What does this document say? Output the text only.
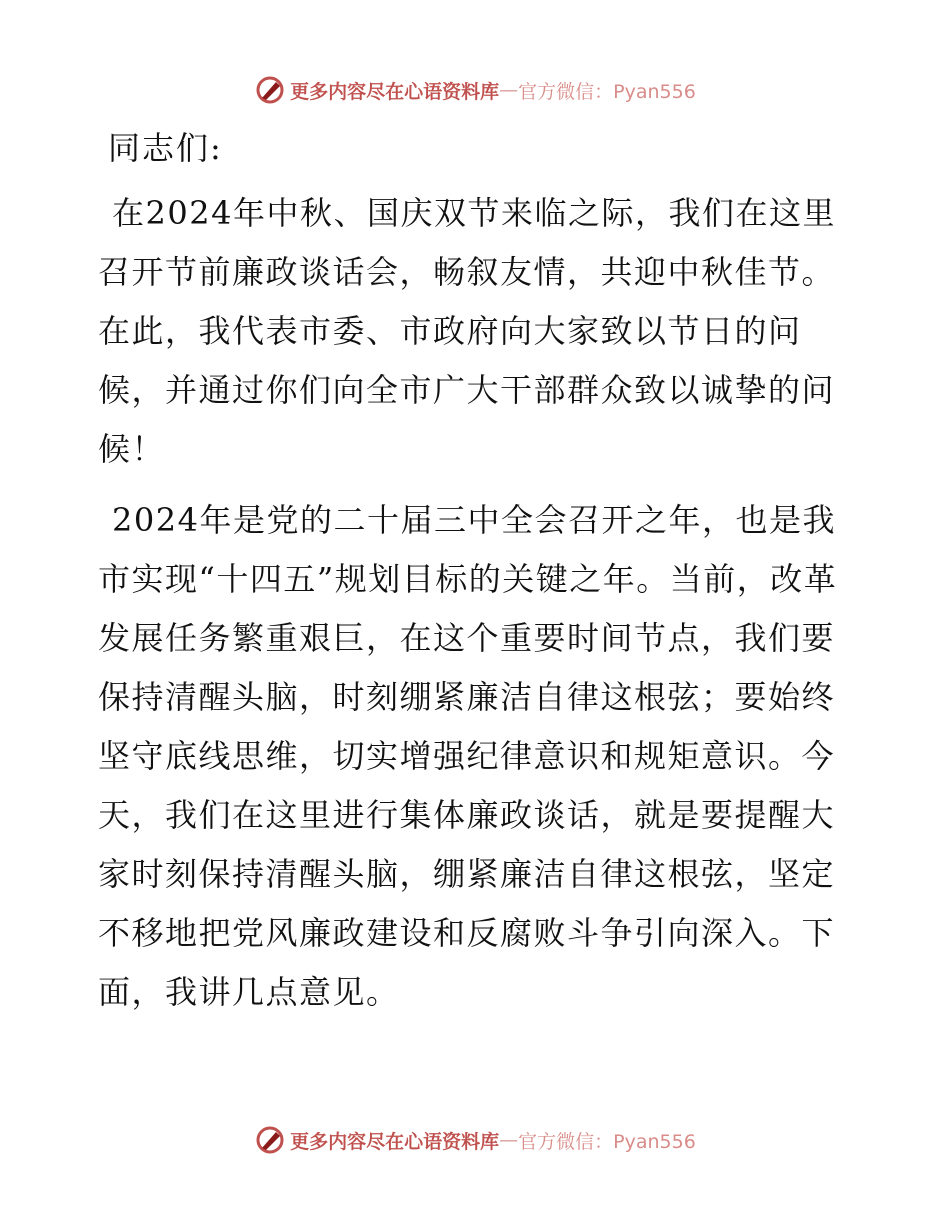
更多内容尽在心语资料库 — 官方微信：Pyan556

同志们:

在2024年中秋、国庆双节来临之际，我们在这里召开节前廉政谈话会，畅叙友情，共迎中秋佳节。在此，我代表市委、市政府向大家致以节日的问候，并通过你们向全市广大干部群众致以诚挚的问候！

2024年是党的二十届三中全会召开之年，也是我市实现“十四五”规划目标的关键之年。当前，改革发展任务繁重艰巨，在这个重要时间节点，我们要保持清醒头脑，时刻绷紧廉洁自律这根弦；要始终坚守底线思维，切实增强纪律意识和规矩意识。今天，我们在这里进行集体廉政谈话，就是要提醒大家时刻保持清醒头脑，绷紧廉洁自律这根弦，坚定不移地把党风廉政建设和反腐败斗争引向深入。下面，我讲几点意见。

更多内容尽在心语资料库 — 官方微信：Pyan556
